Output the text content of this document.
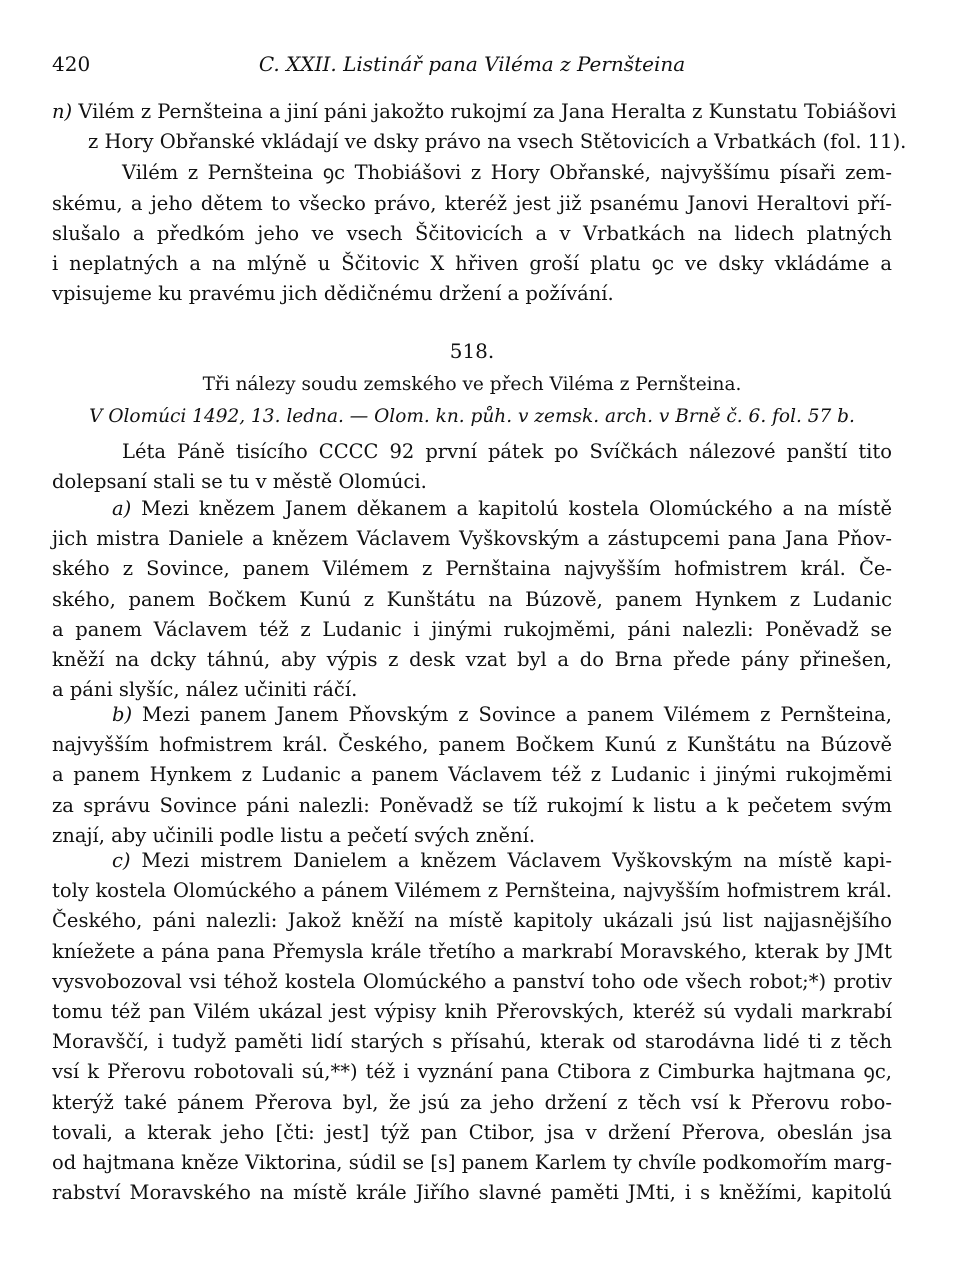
420	C. XXII. Listinář pana Viléma z Pernšteina
n) Vilém z Pernšteina a jiní páni jakožto rukojmí za Jana Heralta z Kunstatu Tobiášovi
z Hory Obřanské vkládají ve dsky právo na vsech Stětovicích a Vrbatkách (fol. 11).
Vilém z Pernšteina ꝯc Thobiášovi z Hory Obřanské, najvyššímu písaři zem-
skému, a jeho dětem to všecko právo, kteréž jest již psanému Janovi Heraltovi pří-
slušalo a předkóm jeho ve vsech Ščitovicích a v Vrbatkách na lidech platných
i neplatných a na mlýně u Ščitovic X hřiven groší platu ꝯc ve dsky vkládáme a
vpisujeme ku pravému jich dědičnému držení a požívání.

518.

Tři nálezy soudu zemského ve přech Viléma z Pernšteina.

V Olomúci 1492, 13. ledna. — Olom. kn. půh. v zemsk. arch. v Brně č. 6. fol. 57 b.

Léta Páně tisícího CCCC 92 první pátek po Svíčkách nálezové panští tito
dolepsaní stali se tu v městě Olomúci.
a) Mezi knězem Janem děkanem a kapitolú kostela Olomúckého a na místě
jich mistra Daniele a knězem Václavem Vyškovským a zástupcemi pana Jana Pňov-
ského z Sovince, panem Vilémem z Pernštaina najvyšším hofmistrem král. Če-
ského, panem Bočkem Kunú z Kunštátu na Búzově, panem Hynkem z Ludanic
a panem Václavem též z Ludanic i jinými rukojměmi, páni nalezli: Poněvadž se
kněží na dcky táhnú, aby výpis z desk vzat byl a do Brna přede pány přinešen,
a páni slyšíc, nález učiniti ráčí.
b) Mezi panem Janem Pňovským z Sovince a panem Vilémem z Pernšteina,
najvyšším hofmistrem král. Českého, panem Bočkem Kunú z Kunštátu na Búzově
a panem Hynkem z Ludanic a panem Václavem též z Ludanic i jinými rukojměmi
za správu Sovince páni nalezli: Poněvadž se tíž rukojmí k listu a k pečetem svým
znají, aby učinili podle listu a pečetí svých znění.
c) Mezi mistrem Danielem a knězem Václavem Vyškovským na místě kapi-
toly kostela Olomúckého a pánem Vilémem z Pernšteina, najvyšším hofmistrem král.
Českého, páni nalezli: Jakož kněží na místě kapitoly ukázali jsú list najjasnějšího
kníežete a pána pana Přemysla krále třetího a markrabí Moravského, kterak by JMt
vysvobozoval vsi téhož kostela Olomúckého a panství toho ode všech robot;*) protiv
tomu též pan Vilém ukázal jest výpisy knih Přerovských, kteréž sú vydali markrabí
Moravščí, i tudyž paměti lidí starých s přísahú, kterak od starodávna lidé ti z těch
vsí k Přerovu robotovali sú,**) též i vyznání pana Ctibora z Cimburka hajtmana ꝯc,
kterýž také pánem Přerova byl, že jsú za jeho držení z těch vsí k Přerovu robo-
tovali, a kterak jeho [čti: jest] týž pan Ctibor, jsa v držení Přerova, obeslán jsa
od hajtmana kněze Viktorina, súdil se [s] panem Karlem ty chvíle podkomořím marg-
rabství Moravského na místě krále Jiřího slavné paměti JMti, i s kněžími, kapitolú
